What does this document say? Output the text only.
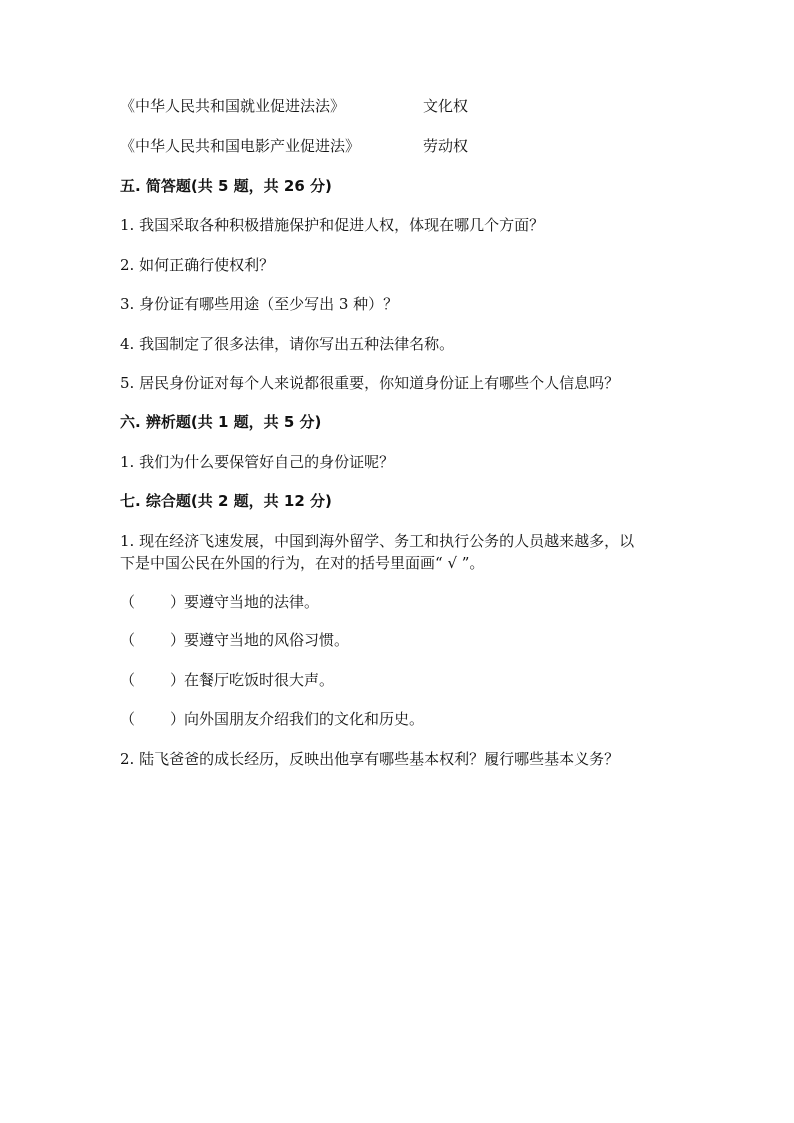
《中华人民共和国就业促进法法》	文化权
《中华人民共和国电影产业促进法》	劳动权
五. 简答题(共 5 题，共 26 分)
1. 我国采取各种积极措施保护和促进人权，体现在哪几个方面？
2. 如何正确行使权利？
3. 身份证有哪些用途（至少写出 3 种）？
4. 我国制定了很多法律，请你写出五种法律名称。
5. 居民身份证对每个人来说都很重要，你知道身份证上有哪些个人信息吗？
六. 辨析题(共 1 题，共 5 分)
1. 我们为什么要保管好自己的身份证呢？
七. 综合题(共 2 题，共 12 分)
1. 现在经济飞速发展，中国到海外留学、务工和执行公务的人员越来越多，以
下是中国公民在外国的行为，在对的括号里面画“ √ ”。
（ ）要遵守当地的法律。
（ ）要遵守当地的风俗习惯。
（ ）在餐厅吃饭时很大声。
（ ）向外国朋友介绍我们的文化和历史。
2. 陆飞爸爸的成长经历，反映出他享有哪些基本权利？履行哪些基本义务？
